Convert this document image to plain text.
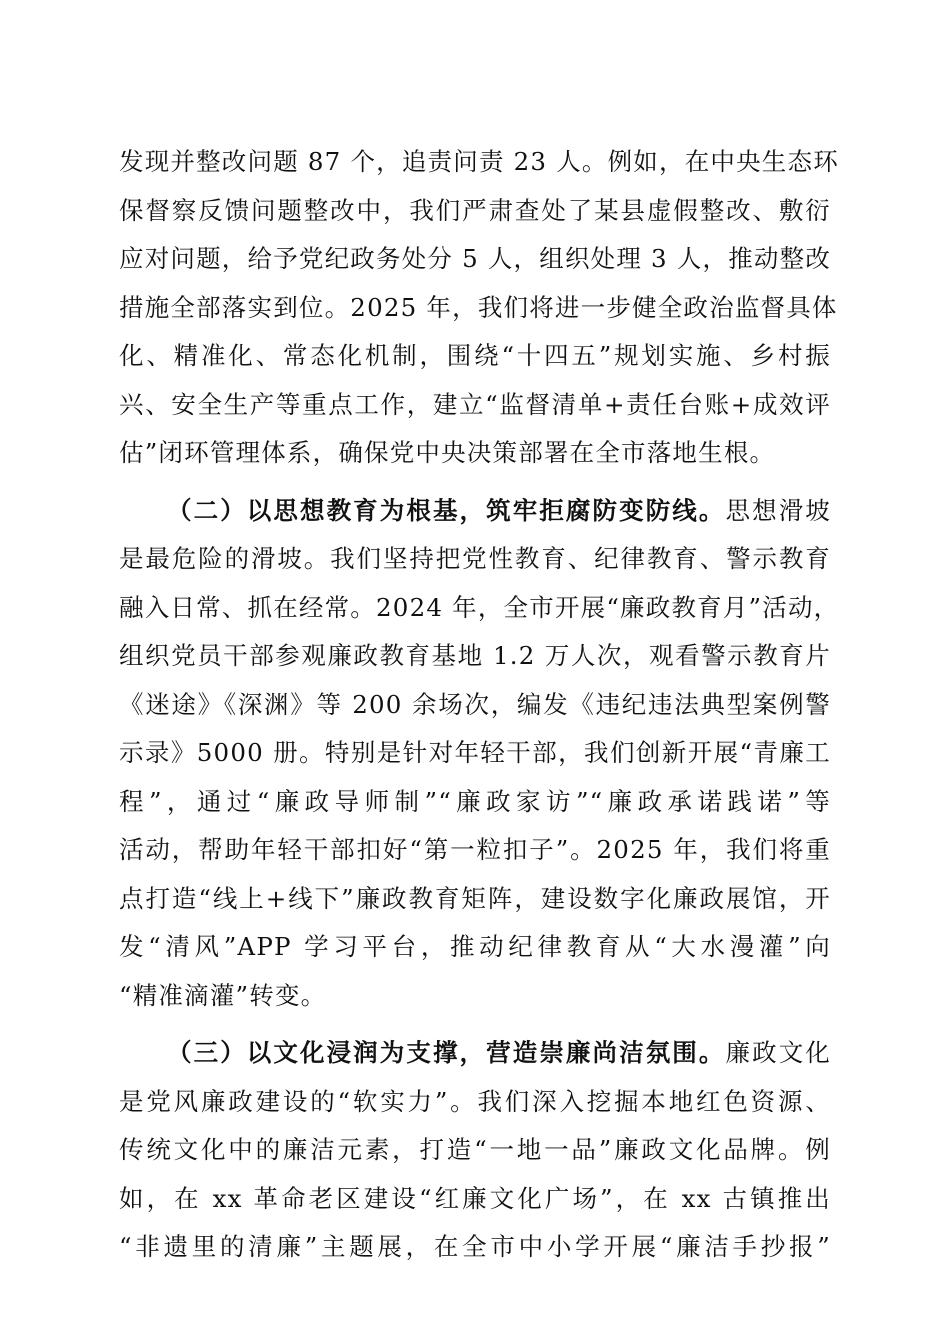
发现并整改问题 87 个，追责问责 23 人。例如，在中央生态环
保督察反馈问题整改中，我们严肃查处了某县虚假整改、敷衍
应对问题，给予党纪政务处分 5 人，组织处理 3 人，推动整改
措施全部落实到位。2025 年，我们将进一步健全政治监督具体
化、精准化、常态化机制，围绕“十四五”规划实施、乡村振
兴、安全生产等重点工作，建立“监督清单+责任台账+成效评
估”闭环管理体系，确保党中央决策部署在全市落地生根。
（二）以思想教育为根基，筑牢拒腐防变防线。思想滑坡
是最危险的滑坡。我们坚持把党性教育、纪律教育、警示教育
融入日常、抓在经常。2024 年，全市开展“廉政教育月”活动，
组织党员干部参观廉政教育基地 1.2 万人次，观看警示教育片
《迷途》《深渊》等 200 余场次，编发《违纪违法典型案例警
示录》5000 册。特别是针对年轻干部，我们创新开展“青廉工
程”，通过“廉政导师制”“廉政家访”“廉政承诺践诺”等
活动，帮助年轻干部扣好“第一粒扣子”。2025 年，我们将重
点打造“线上+线下”廉政教育矩阵，建设数字化廉政展馆，开
发“清风”APP 学习平台，推动纪律教育从“大水漫灌”向
“精准滴灌”转变。
（三）以文化浸润为支撑，营造崇廉尚洁氛围。廉政文化
是党风廉政建设的“软实力”。我们深入挖掘本地红色资源、
传统文化中的廉洁元素，打造“一地一品”廉政文化品牌。例
如，在 xx 革命老区建设“红廉文化广场”，在 xx 古镇推出
“非遗里的清廉”主题展，在全市中小学开展“廉洁手抄报”
